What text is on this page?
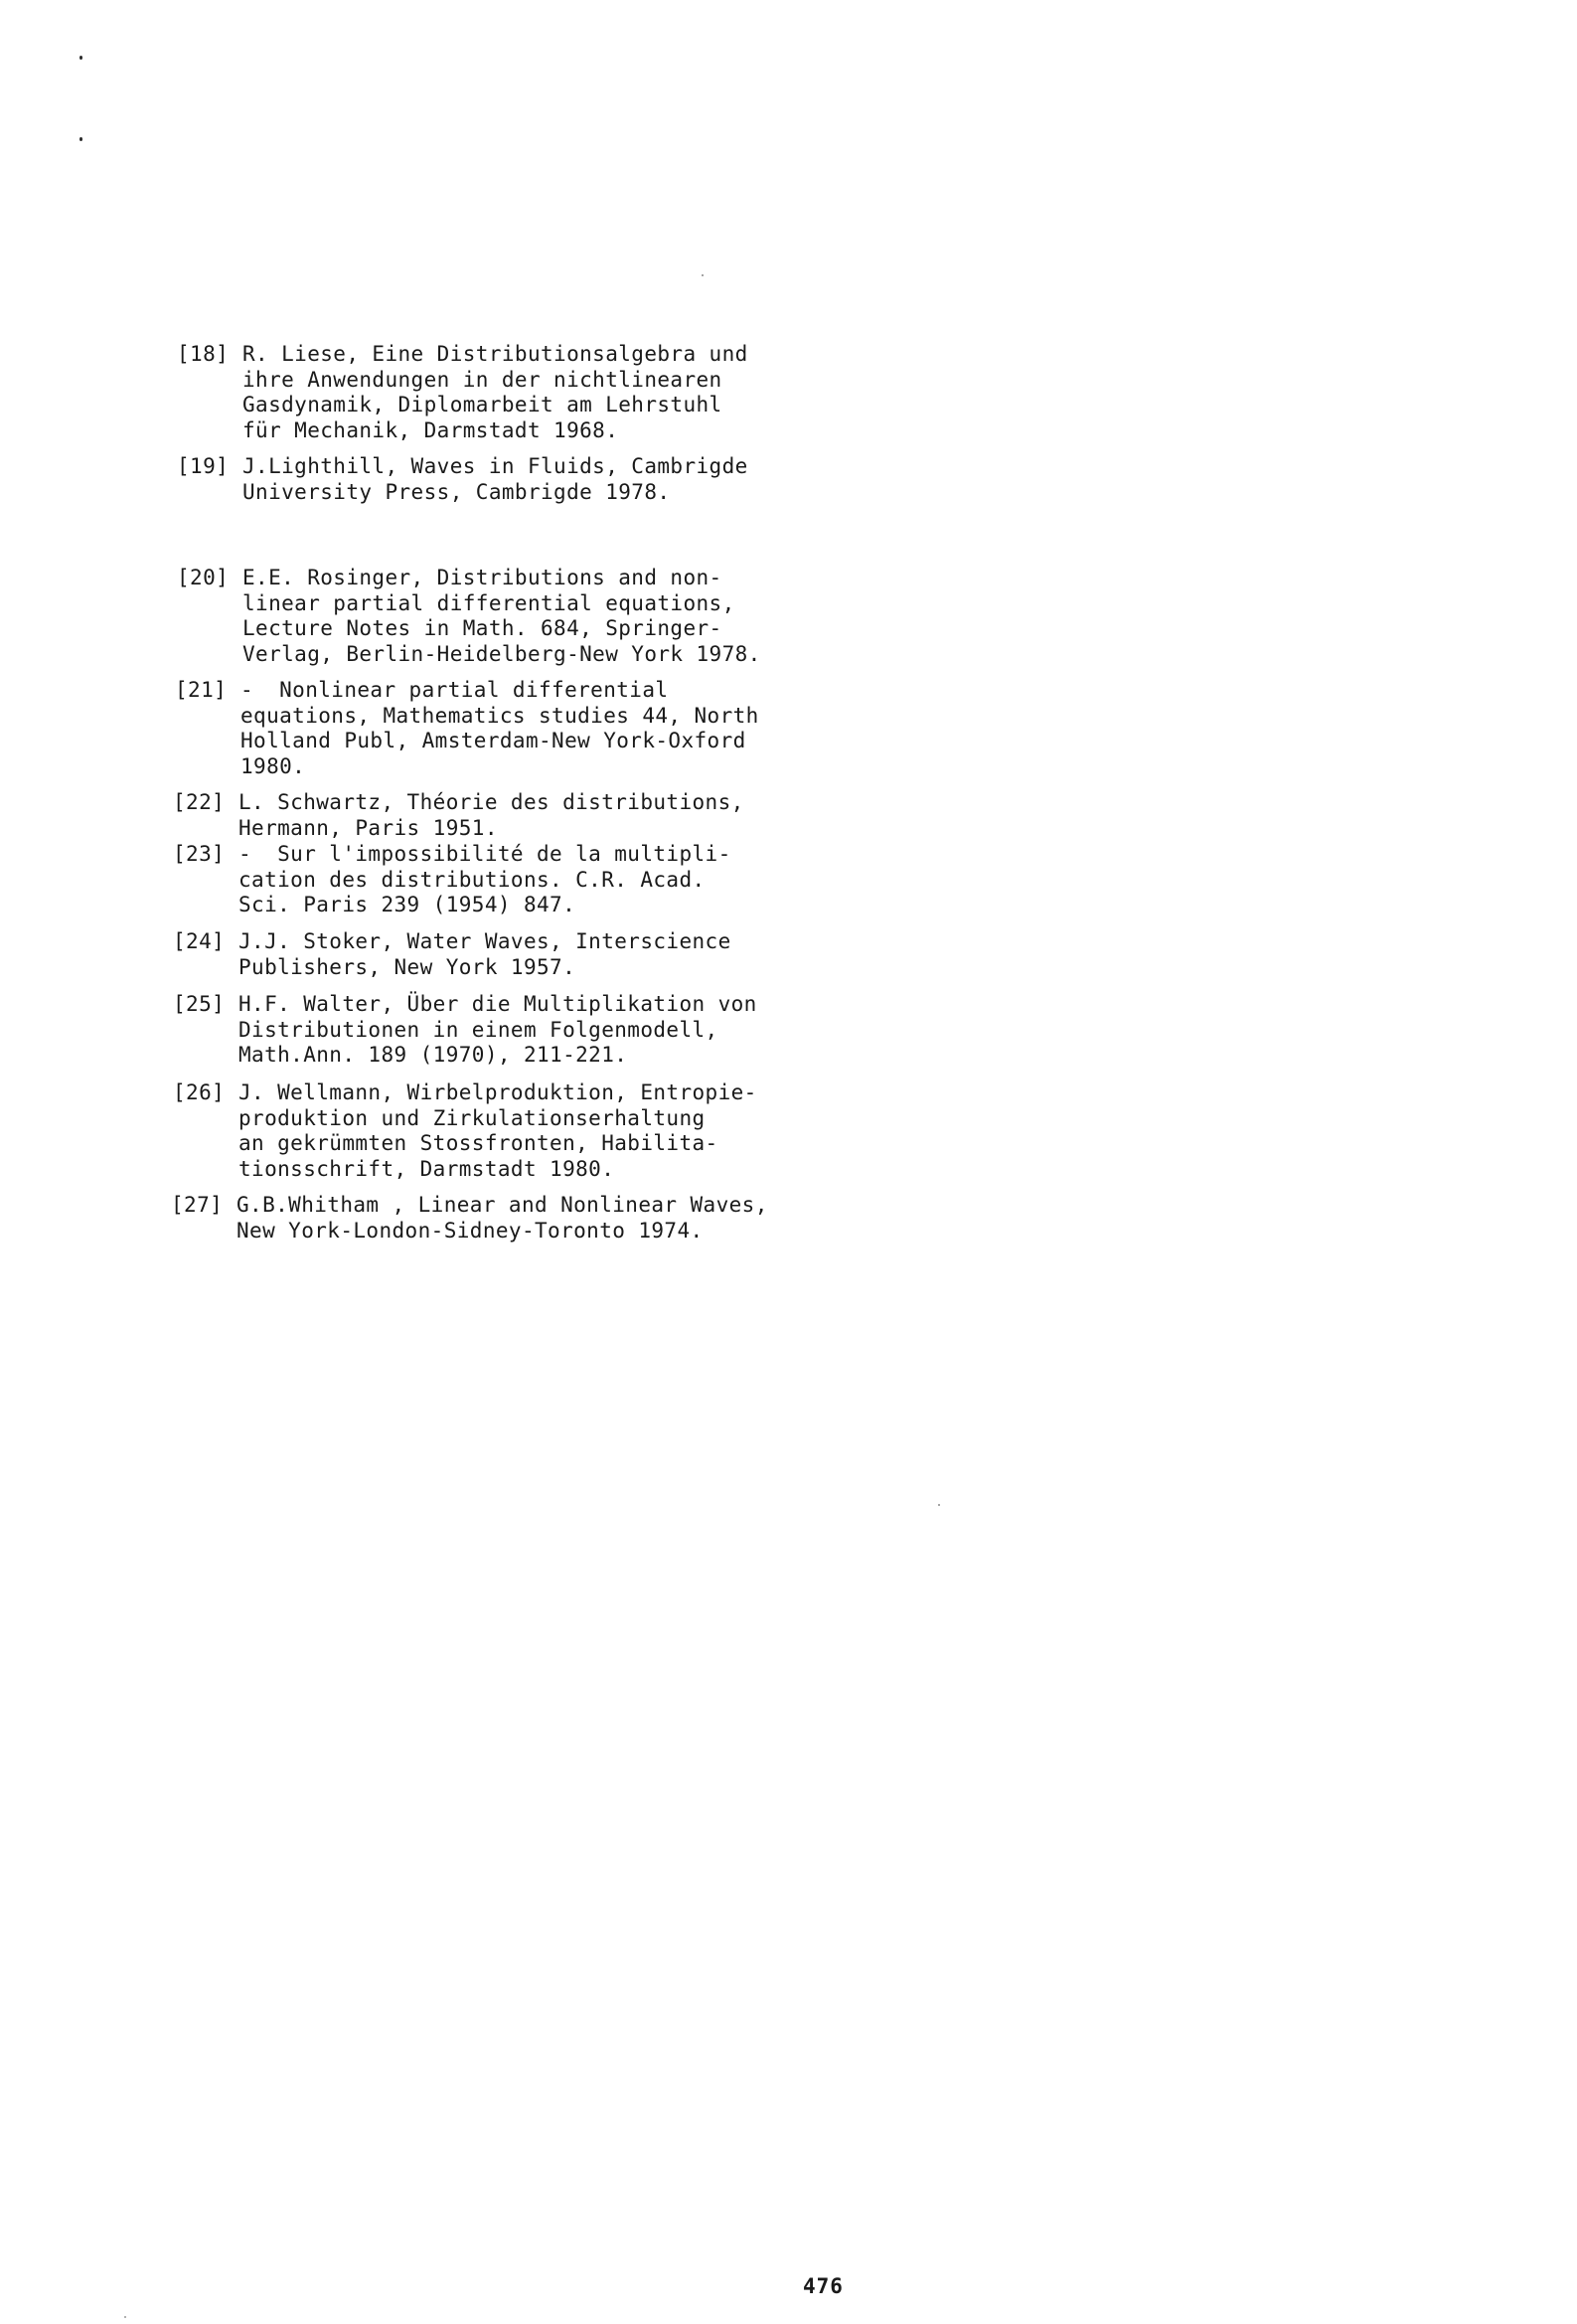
[18] R. Liese, Eine Distributionsalgebra und
ihre Anwendungen in der nichtlinearen
Gasdynamik, Diplomarbeit am Lehrstuhl
für Mechanik, Darmstadt 1968.
[19] J.Lighthill, Waves in Fluids, Cambrigde
University Press, Cambrigde 1978.
[20] E.E. Rosinger, Distributions and non-
linear partial differential equations,
Lecture Notes in Math. 684, Springer-
Verlag, Berlin-Heidelberg-New York 1978.
[21] -  Nonlinear partial differential
equations, Mathematics studies 44, North
Holland Publ, Amsterdam-New York-Oxford
1980.
[22] L. Schwartz, Théorie des distributions,
Hermann, Paris 1951.
[23] -  Sur l'impossibilité de la multipli-
cation des distributions. C.R. Acad.
Sci. Paris 239 (1954) 847.
[24] J.J. Stoker, Water Waves, Interscience
Publishers, New York 1957.
[25] H.F. Walter, Über die Multiplikation von
Distributionen in einem Folgenmodell,
Math.Ann. 189 (1970), 211-221.
[26] J. Wellmann, Wirbelproduktion, Entropie-
produktion und Zirkulationserhaltung
an gekrümmten Stossfronten, Habilita-
tionsschrift, Darmstadt 1980.
[27] G.B.Whitham , Linear and Nonlinear Waves,
New York-London-Sidney-Toronto 1974.
476
